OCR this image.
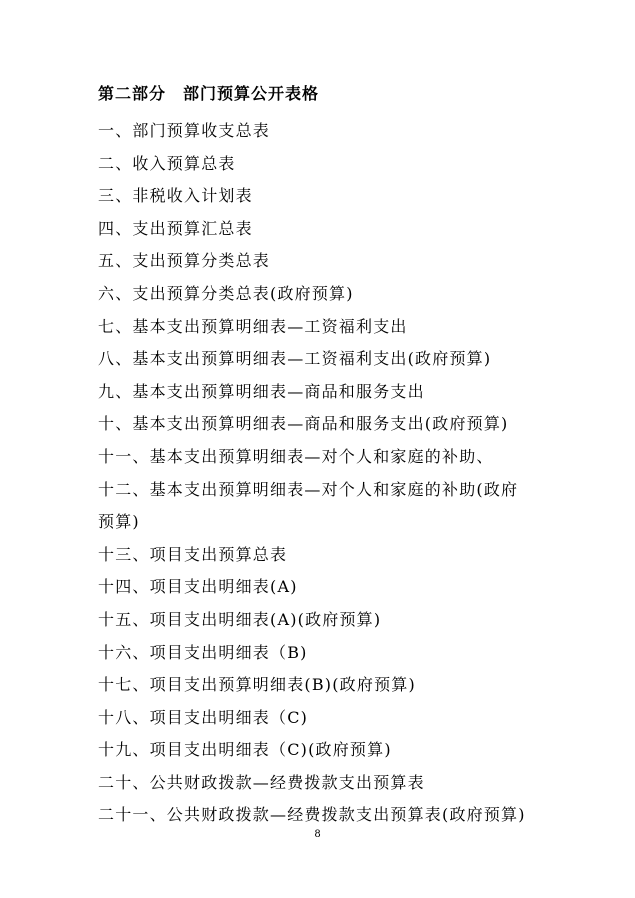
第二部分　部门预算公开表格
一、部门预算收支总表
二、收入预算总表
三、非税收入计划表
四、支出预算汇总表
五、支出预算分类总表
六、支出预算分类总表(政府预算)
七、基本支出预算明细表—工资福利支出
八、基本支出预算明细表—工资福利支出(政府预算)
九、基本支出预算明细表—商品和服务支出
十、基本支出预算明细表—商品和服务支出(政府预算)
十一、基本支出预算明细表—对个人和家庭的补助、
十二、基本支出预算明细表—对个人和家庭的补助(政府预算)
十三、项目支出预算总表
十四、项目支出明细表(A)
十五、项目支出明细表(A)(政府预算)
十六、项目支出明细表（B)
十七、项目支出预算明细表(B)(政府预算)
十八、项目支出明细表（C)
十九、项目支出明细表（C)(政府预算)
二十、公共财政拨款—经费拨款支出预算表
二十一、公共财政拨款—经费拨款支出预算表(政府预算)
8
